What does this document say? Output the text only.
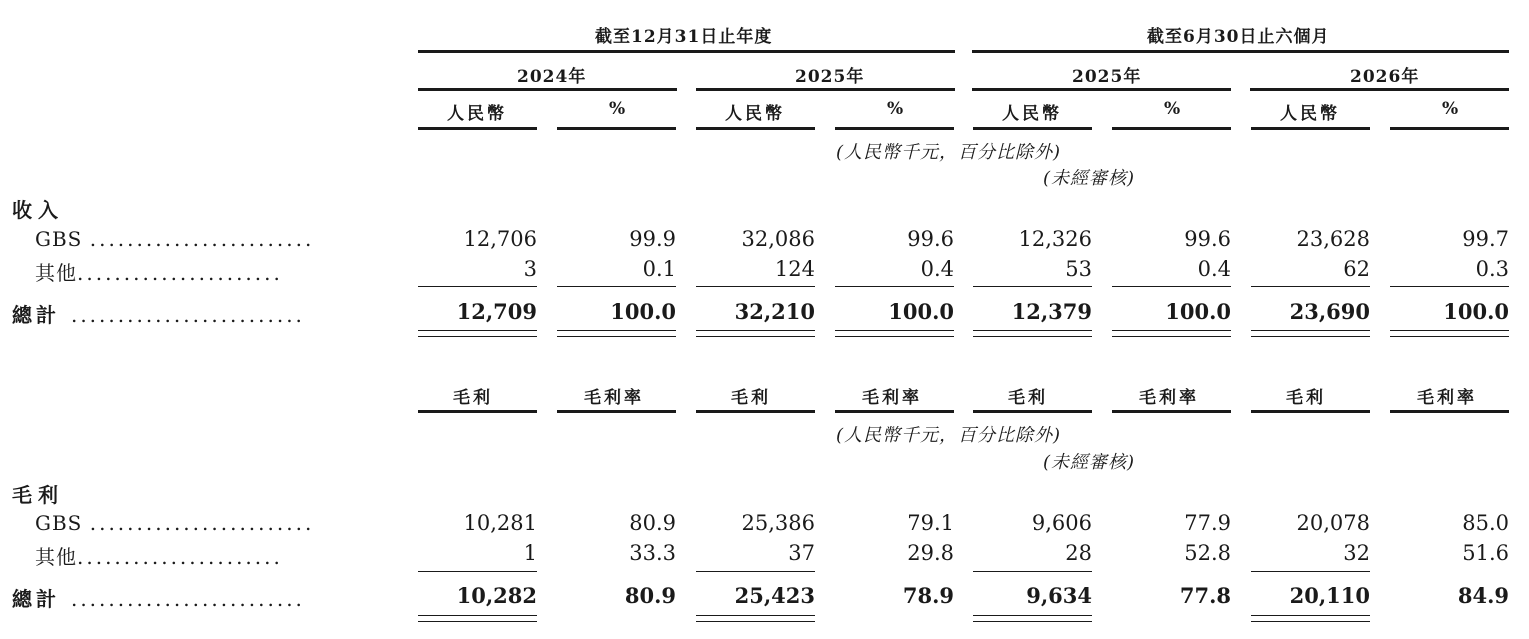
截至12月31日止年度	截至6月30日止六個月
2024年	2025年	2025年	2026年
人民幣	%	人民幣	%	人民幣	%	人民幣	%
(人民幣千元，百分比除外)
(未經審核)
收入
GBS ........................	12,706	99.9	32,086	99.6	12,326	99.6	23,628	99.7
其他......................	3	0.1	124	0.4	53	0.4	62	0.3
總計 .........................	12,709	100.0	32,210	100.0	12,379	100.0	23,690	100.0
毛利	毛利率	毛利	毛利率	毛利	毛利率	毛利	毛利率
(人民幣千元，百分比除外)
(未經審核)
毛利
GBS ........................	10,281	80.9	25,386	79.1	9,606	77.9	20,078	85.0
其他......................	1	33.3	37	29.8	28	52.8	32	51.6
總計 .........................	10,282	80.9	25,423	78.9	9,634	77.8	20,110	84.9
